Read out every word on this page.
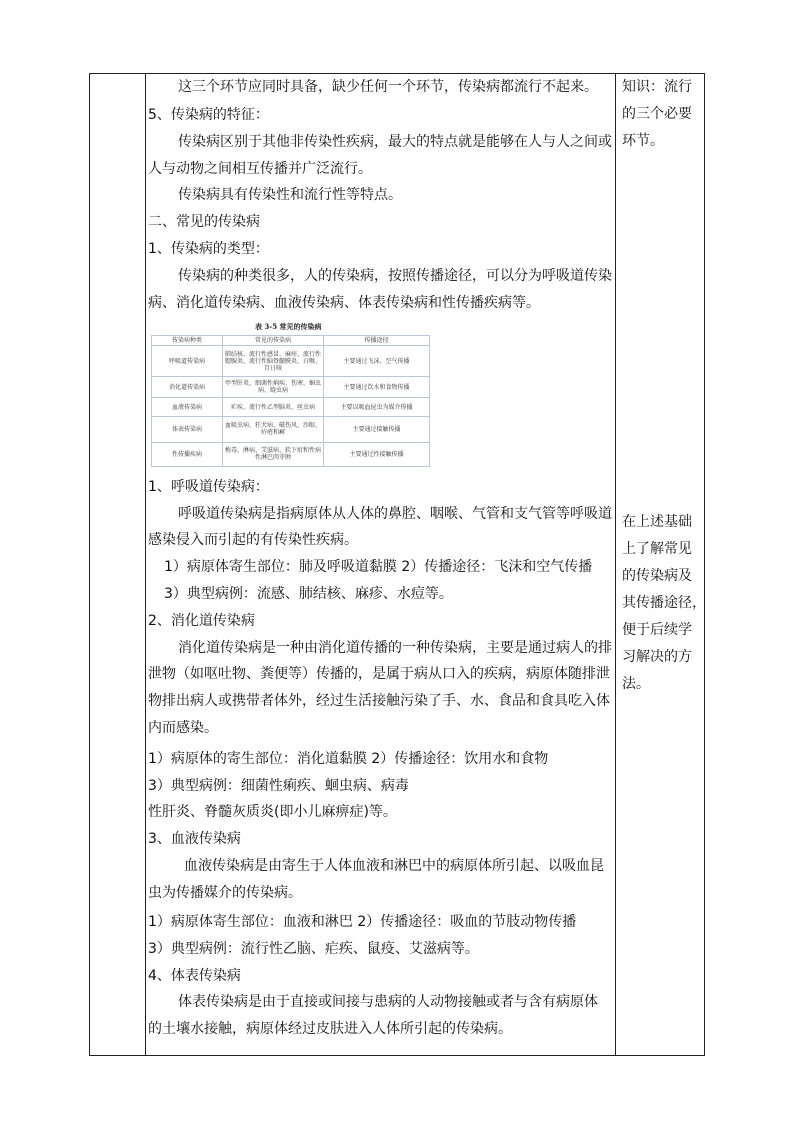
这三个环节应同时具备，缺少任何一个环节，传染病都流行不起来。
5、传染病的特征：
传染病区别于其他非传染性疾病，最大的特点就是能够在人与人之间或
人与动物之间相互传播并广泛流行。
传染病具有传染性和流行性等特点。
二、常见的传染病
1、传染病的类型：
传染病的种类很多，人的传染病，按照传播途径，可以分为呼吸道传染
病、消化道传染病、血液传染病、体表传染病和性传播疾病等。
1、呼吸道传染病：
呼吸道传染病是指病原体从人体的鼻腔、咽喉、气管和支气管等呼吸道
感染侵入而引起的有传染性疾病。
1）病原体寄生部位：肺及呼吸道黏膜 2）传播途径：飞沫和空气传播
3）典型病例：流感、肺结核、麻疹、水痘等。
2、消化道传染病
消化道传染病是一种由消化道传播的一种传染病，主要是通过病人的排
泄物（如呕吐物、粪便等）传播的，是属于病从口入的疾病，病原体随排泄
物排出病人或携带者体外，经过生活接触污染了手、水、食品和食具吃入体
内而感染。
1）病原体的寄生部位：消化道黏膜 2）传播途径：饮用水和食物
3）典型病例：细菌性痢疾、蛔虫病、病毒
性肝炎、脊髓灰质炎(即小儿麻痹症)等。
3、血液传染病
血液传染病是由寄生于人体血液和淋巴中的病原体所引起、以吸血昆
虫为传播媒介的传染病。
1）病原体寄生部位：血液和淋巴 2）传播途径：吸血的节肢动物传播
3）典型病例：流行性乙脑、疟疾、鼠疫、艾滋病等。
4、体表传染病
体表传染病是由于直接或间接与患病的人动物接触或者与含有病原体
的土壤水接触，病原体经过皮肤进入人体所引起的传染病。
表 3-5 常见的传染病
传染病种类	常见的传染病	传播途径
呼吸道传染病	肺结核、流行性感冒、麻疹、流行性腮腺炎、流行性脑脊髓膜炎、白喉、百日咳	主要通过飞沫、空气传播
消化道传染病	甲型肝炎、细菌性痢疾、伤寒、蛔虫病、蛲虫病	主要通过饮水和食物传播
血液传染病	疟疾、流行性乙型脑炎、丝虫病	主要以吸血昆虫为媒介传播
体表传染病	血吸虫病、狂犬病、破伤风、沙眼、疥疮和癣	主要通过接触传播
性传播疾病	梅毒、淋病、艾滋病、软下疳和性病性淋巴肉芽肿	主要通过性接触传播
知识：流行
的三个必要
环节。
在上述基础
上了解常见
的传染病及
其传播途径，
便于后续学
习解决的方
法。
